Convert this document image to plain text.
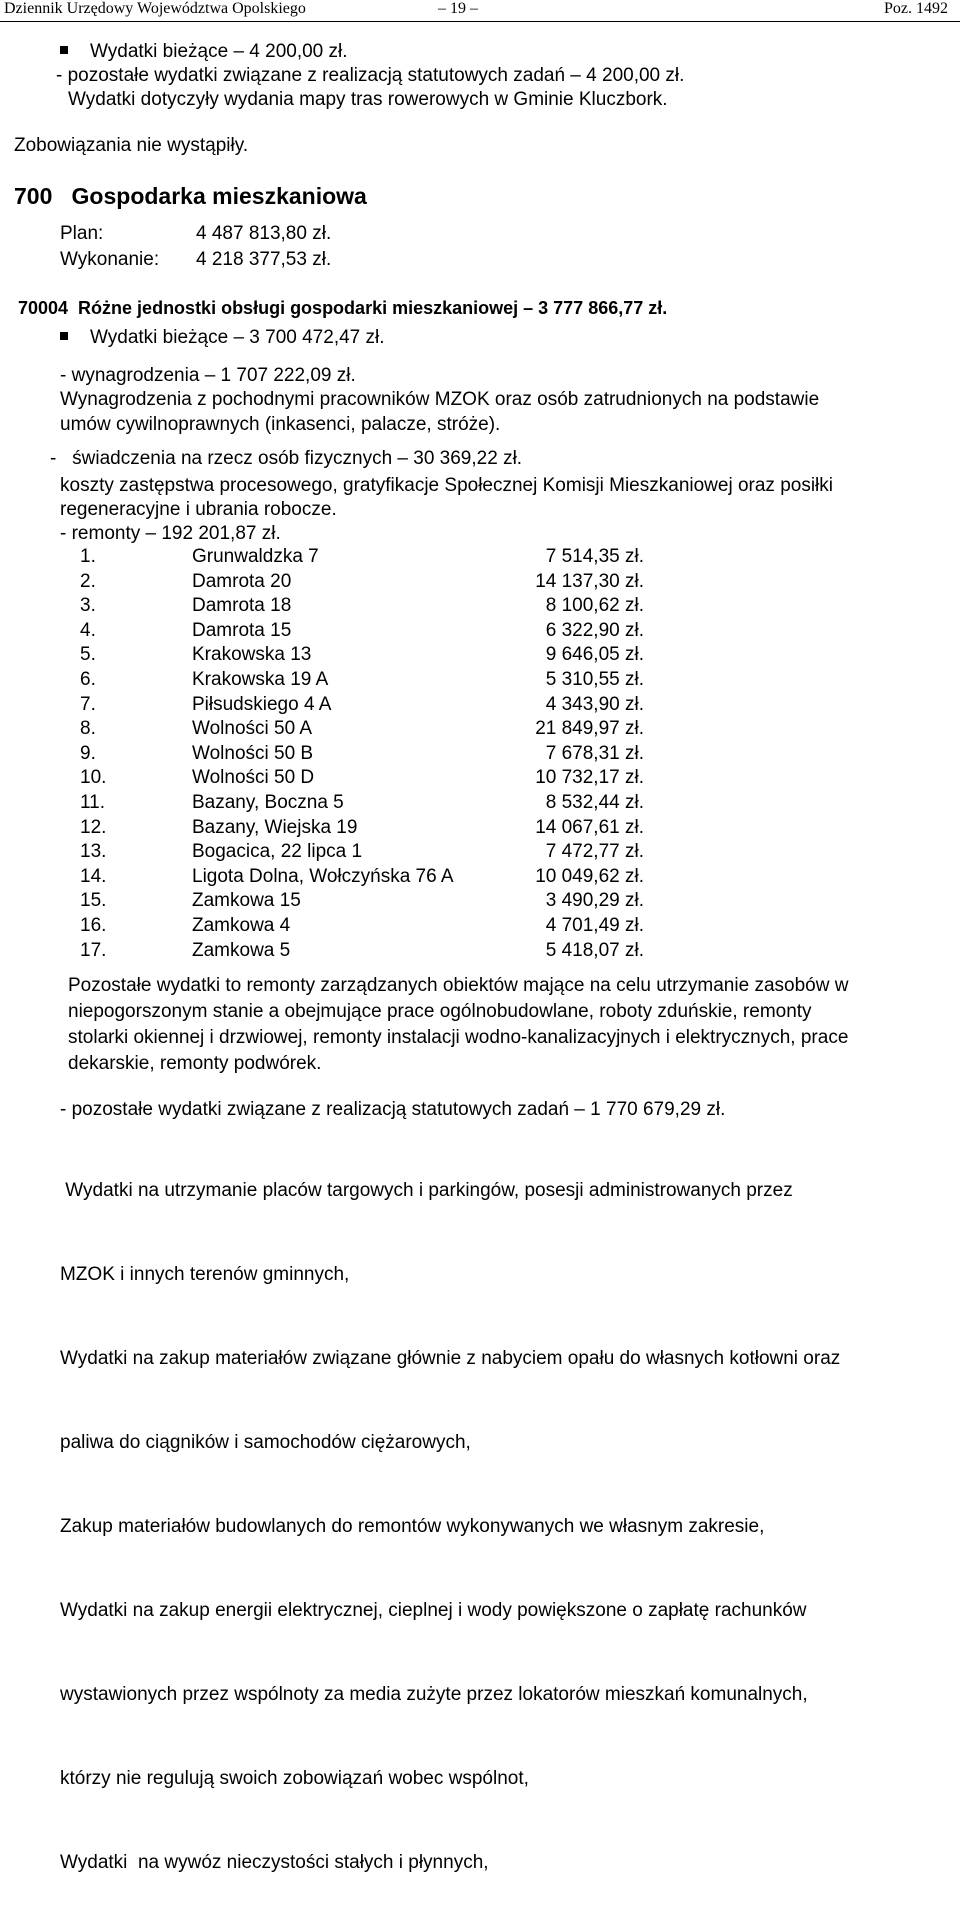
Dziennik Urzędowy Województwa Opolskiego	– 19 –	Poz. 1492
Wydatki bieżące – 4 200,00 zł.
- pozostałe wydatki związane z realizacją statutowych zadań – 4 200,00 zł.
Wydatki dotyczyły wydania mapy tras rowerowych w Gminie Kluczbork.
Zobowiązania nie wystąpiły.
700   Gospodarka mieszkaniowa
Plan:	4 487 813,80 zł.
Wykonanie: 4 218 377,53 zł.
70004  Różne jednostki obsługi gospodarki mieszkaniowej – 3 777 866,77 zł.
Wydatki bieżące – 3 700 472,47 zł.
- wynagrodzenia – 1 707 222,09 zł.
Wynagrodzenia z pochodnymi pracowników MZOK oraz osób zatrudnionych na podstawie
umów cywilnoprawnych (inkasenci, palacze, stróże).
-   świadczenia na rzecz osób fizycznych – 30 369,22 zł.
koszty zastępstwa procesowego, gratyfikacje Społecznej Komisji Mieszkaniowej oraz posiłki
regeneracyjne i ubrania robocze.
- remonty – 192 201,87 zł.
1.	Grunwaldzka 7	7 514,35 zł.
2.	Damrota 20	14 137,30 zł.
3.	Damrota 18	8 100,62 zł.
4.	Damrota 15	6 322,90 zł.
5.	Krakowska 13	9 646,05 zł.
6.	Krakowska 19 A	5 310,55 zł.
7.	Piłsudskiego 4 A	4 343,90 zł.
8.	Wolności 50 A	21 849,97 zł.
9.	Wolności 50 B	7 678,31 zł.
10.	Wolności 50 D	10 732,17 zł.
11.	Bazany, Boczna 5	8 532,44 zł.
12.	Bazany, Wiejska 19	14 067,61 zł.
13.	Bogacica, 22 lipca 1	7 472,77 zł.
14.	Ligota Dolna, Wołczyńska 76 A	10 049,62 zł.
15.	Zamkowa 15	3 490,29 zł.
16.	Zamkowa 4	4 701,49 zł.
17.	Zamkowa 5	5 418,07 zł.
Pozostałe wydatki to remonty zarządzanych obiektów mające na celu utrzymanie zasobów w
niepogorszonym stanie a obejmujące prace ogólnobudowlane, roboty zduńskie, remonty
stolarki okiennej i drzwiowej, remonty instalacji wodno-kanalizacyjnych i elektrycznych, prace
dekarskie, remonty podwórek.
- pozostałe wydatki związane z realizacją statutowych zadań – 1 770 679,29 zł.

Wydatki na utrzymanie placów targowych i parkingów, posesji administrowanych przez

MZOK i innych terenów gminnych,

Wydatki na zakup materiałów związane głównie z nabyciem opału do własnych kotłowni oraz

paliwa do ciągników i samochodów ciężarowych,

Zakup materiałów budowlanych do remontów wykonywanych we własnym zakresie,

Wydatki na zakup energii elektrycznej, cieplnej i wody powiększone o zapłatę rachunków

wystawionych przez wspólnoty za media zużyte przez lokatorów mieszkań komunalnych,

którzy nie regulują swoich zobowiązań wobec wspólnot,

Wydatki  na wywóz nieczystości stałych i płynnych,
